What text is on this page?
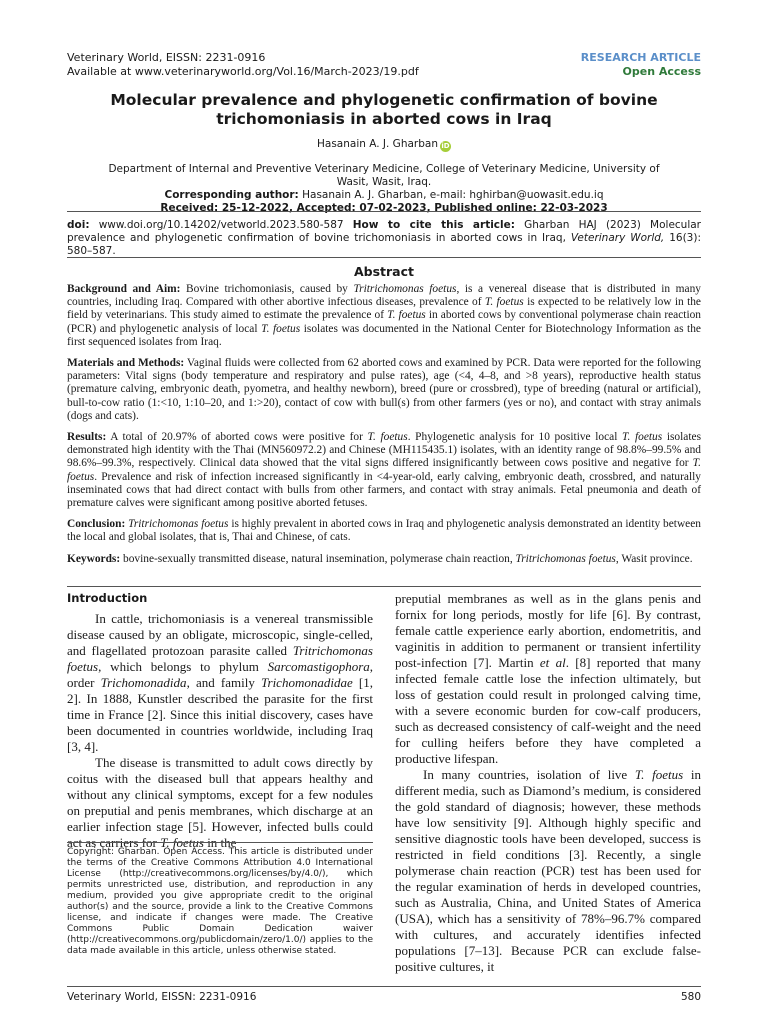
Veterinary World, EISSN: 2231-0916
Available at www.veterinaryworld.org/Vol.16/March-2023/19.pdf
RESEARCH ARTICLE
Open Access
Molecular prevalence and phylogenetic confirmation of bovine trichomoniasis in aborted cows in Iraq
Hasanain A. J. Gharban iD
Department of Internal and Preventive Veterinary Medicine, College of Veterinary Medicine, University of Wasit, Wasit, Iraq.
Corresponding author: Hasanain A. J. Gharban, e-mail: hghirban@uowasit.edu.iq
Received: 25-12-2022, Accepted: 07-02-2023, Published online: 22-03-2023
doi: www.doi.org/10.14202/vetworld.2023.580-587 How to cite this article: Gharban HAJ (2023) Molecular prevalence and phylogenetic confirmation of bovine trichomoniasis in aborted cows in Iraq, Veterinary World, 16(3): 580–587.
Abstract

Background and Aim: Bovine trichomoniasis, caused by Tritrichomonas foetus, is a venereal disease that is distributed in many countries, including Iraq. Compared with other abortive infectious diseases, prevalence of T. foetus is expected to be relatively low in the field by veterinarians. This study aimed to estimate the prevalence of T. foetus in aborted cows by conventional polymerase chain reaction (PCR) and phylogenetic analysis of local T. foetus isolates was documented in the National Center for Biotechnology Information as the first sequenced isolates from Iraq.

Materials and Methods: Vaginal fluids were collected from 62 aborted cows and examined by PCR. Data were reported for the following parameters: Vital signs (body temperature and respiratory and pulse rates), age (<4, 4–8, and >8 years), reproductive health status (premature calving, embryonic death, pyometra, and healthy newborn), breed (pure or crossbred), type of breeding (natural or artificial), bull-to-cow ratio (1:<10, 1:10–20, and 1:>20), contact of cow with bull(s) from other farmers (yes or no), and contact with stray animals (dogs and cats).

Results: A total of 20.97% of aborted cows were positive for T. foetus. Phylogenetic analysis for 10 positive local T. foetus isolates demonstrated high identity with the Thai (MN560972.2) and Chinese (MH115435.1) isolates, with an identity range of 98.8%–99.5% and 98.6%–99.3%, respectively. Clinical data showed that the vital signs differed insignificantly between cows positive and negative for T. foetus. Prevalence and risk of infection increased significantly in <4-year-old, early calving, embryonic death, crossbred, and naturally inseminated cows that had direct contact with bulls from other farmers, and contact with stray animals. Fetal pneumonia and death of premature calves were significant among positive aborted fetuses.

Conclusion: Tritrichomonas foetus is highly prevalent in aborted cows in Iraq and phylogenetic analysis demonstrated an identity between the local and global isolates, that is, Thai and Chinese, of cats.

Keywords: bovine-sexually transmitted disease, natural insemination, polymerase chain reaction, Tritrichomonas foetus, Wasit province.

Introduction

In cattle, trichomoniasis is a venereal transmissible disease caused by an obligate, microscopic, single-celled, and flagellated protozoan parasite called Tritrichomonas foetus, which belongs to phylum Sarcomastigophora, order Trichomonadida, and family Trichomonadidae [1, 2]. In 1888, Kunstler described the parasite for the first time in France [2]. Since this initial discovery, cases have been documented in countries worldwide, including Iraq [3, 4].

The disease is transmitted to adult cows directly by coitus with the diseased bull that appears healthy and without any clinical symptoms, except for a few nodules on preputial and penis membranes, which discharge at an earlier infection stage [5]. However, infected bulls could act as carriers for T. foetus in the

Copyright: Gharban. Open Access. This article is distributed under the terms of the Creative Commons Attribution 4.0 International License (http://creativecommons.org/licenses/by/4.0/), which permits unrestricted use, distribution, and reproduction in any medium, provided you give appropriate credit to the original author(s) and the source, provide a link to the Creative Commons license, and indicate if changes were made. The Creative Commons Public Domain Dedication waiver (http://creativecommons.org/publicdomain/zero/1.0/) applies to the data made available in this article, unless otherwise stated.

preputial membranes as well as in the glans penis and fornix for long periods, mostly for life [6]. By contrast, female cattle experience early abortion, endometritis, and vaginitis in addition to permanent or transient infertility post-infection [7]. Martin et al. [8] reported that many infected female cattle lose the infection ultimately, but loss of gestation could result in prolonged calving time, with a severe economic burden for cow-calf producers, such as decreased consistency of calf-weight and the need for culling heifers before they have completed a productive lifespan.

In many countries, isolation of live T. foetus in different media, such as Diamond’s medium, is considered the gold standard of diagnosis; however, these methods have low sensitivity [9]. Although highly specific and sensitive diagnostic tools have been developed, success is restricted in field conditions [3]. Recently, a single polymerase chain reaction (PCR) test has been used for the regular examination of herds in developed countries, such as Australia, China, and United States of America (USA), which has a sensitivity of 78%–96.7% compared with cultures, and accurately identifies infected populations [7–13]. Because PCR can exclude false-positive cultures, it

Veterinary World, EISSN: 2231-0916	580
